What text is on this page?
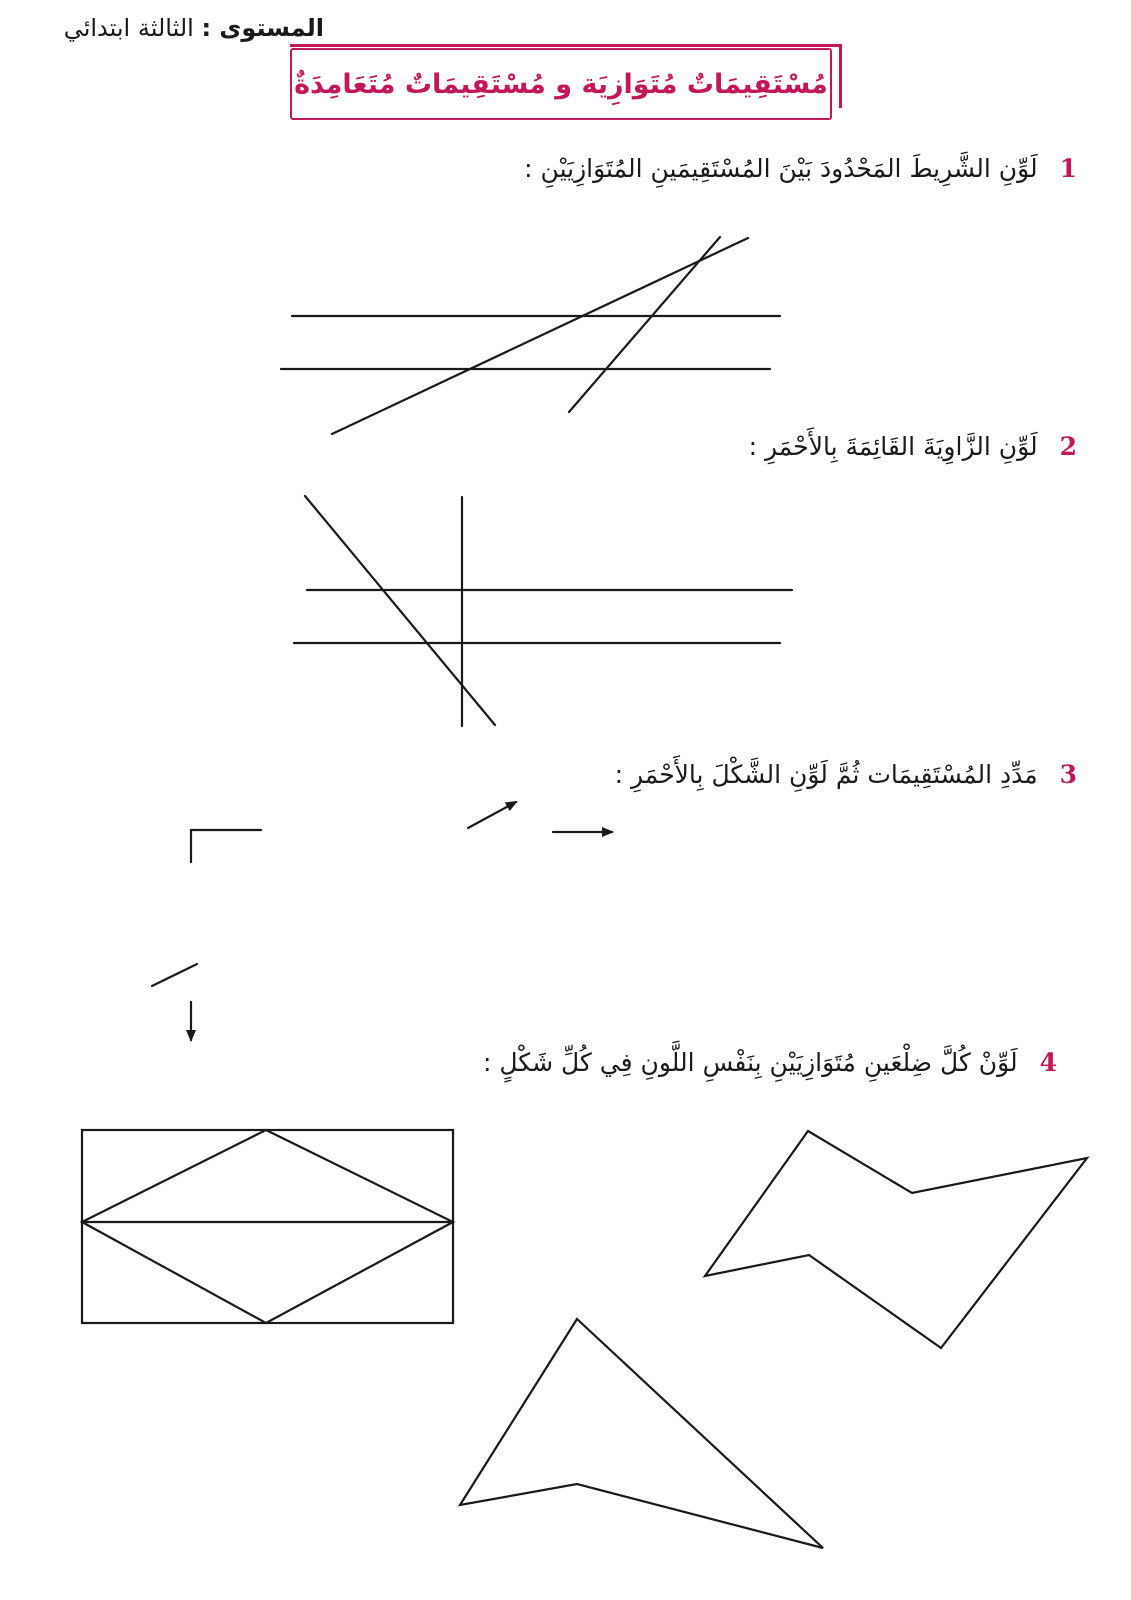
المستوى : الثالثة ابتدائي
مُسْتَقِيمَاتٌ مُتَوَازِيَة و مُسْتَقِيمَاتٌ مُتَعَامِدَةٌ
1 لَوِّنِ الشَّرِيطَ المَحْدُودَ بَيْنَ المُسْتَقِيمَينِ المُتَوَازِيَيْنِ :
2 لَوِّنِ الزَّاوِيَةَ القَائِمَةَ بِالأَحْمَرِ :
3 مَدِّدِ المُسْتَقِيمَات ثُمَّ لَوِّنِ الشَّكْلَ بِالأَحْمَرِ :
4 لَوِّنْ كُلَّ ضِلْعَينِ مُتَوَازِيَيْنِ بِنَفْسِ اللَّونِ فِي كُلِّ شَكْلٍ :
